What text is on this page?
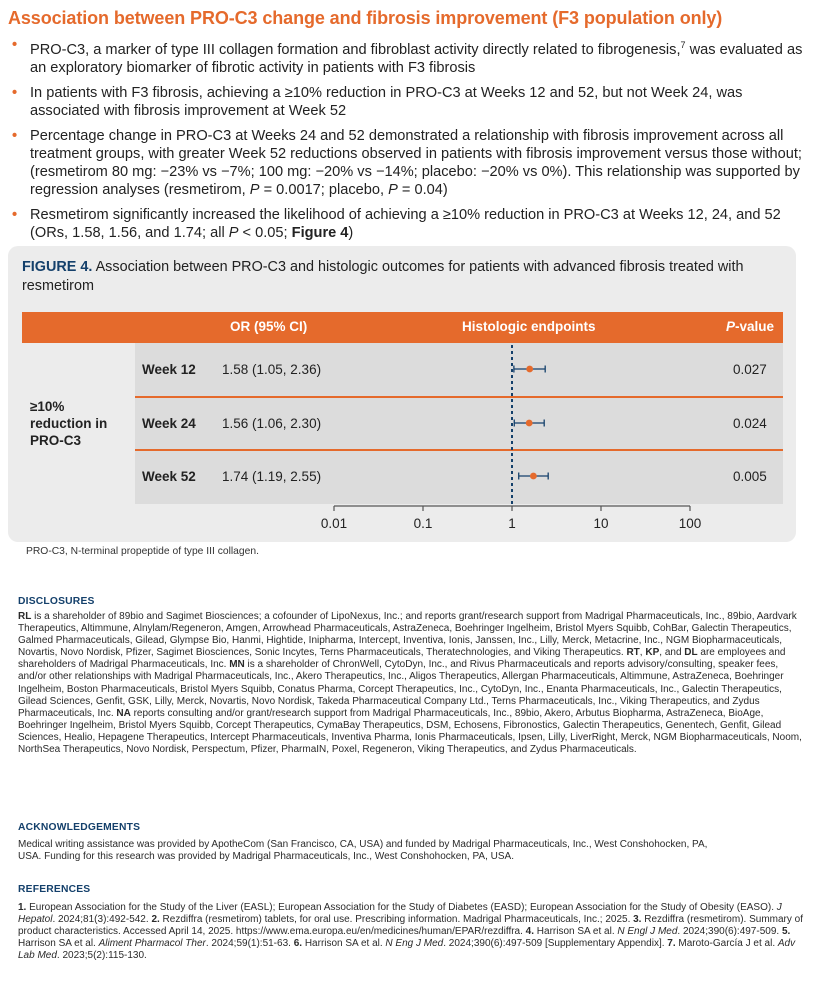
Association between PRO-C3 change and fibrosis improvement (F3 population only)
• PRO-C3, a marker of type III collagen formation and fibroblast activity directly related to fibrogenesis,$^7$ was evaluated as an exploratory biomarker of fibrotic activity in patients with F3 fibrosis
• In patients with F3 fibrosis, achieving a ≥10% reduction in PRO-C3 at Weeks 12 and 52, but not Week 24, was associated with fibrosis improvement at Week 52
• Percentage change in PRO-C3 at Weeks 24 and 52 demonstrated a relationship with fibrosis improvement across all treatment groups, with greater Week 52 reductions observed in patients with fibrosis improvement versus those without; (resmetirom 80 mg: −23% vs −7%; 100 mg: −20% vs −14%; placebo: −20% vs 0%). This relationship was supported by regression analyses (resmetirom, P = 0.0017; placebo, P = 0.04)
• Resmetirom significantly increased the likelihood of achieving a ≥10% reduction in PRO-C3 at Weeks 12, 24, and 52 (ORs, 1.58, 1.56, and 1.74; all P < 0.05; Figure 4)
FIGURE 4. Association between PRO-C3 and histologic outcomes for patients with advanced fibrosis treated with resmetirom
OR (95% CI)	Histologic endpoints	P-value
≥10%
reduction in
PRO-C3
Week 12 1.58 (1.05, 2.36)	0.027
Week 24 1.56 (1.06, 2.30)	0.024
Week 52 1.74 (1.19, 2.55)	0.005
0.01	0.1	1	10	100
PRO-C3, N-terminal propeptide of type III collagen.
DISCLOSURES
RL is a shareholder of 89bio and Sagimet Biosciences; a cofounder of LipoNexus, Inc.; and reports grant/research support from Madrigal Pharmaceuticals, Inc., 89bio, Aardvark Therapeutics, Altimmune, Alnylam/Regeneron, Amgen, Arrowhead Pharmaceuticals, AstraZeneca, Boehringer Ingelheim, Bristol Myers Squibb, CohBar, Galectin Therapeutics, Galmed Pharmaceuticals, Gilead, Glympse Bio, Hanmi, Hightide, Inipharma, Intercept, Inventiva, Ionis, Janssen, Inc., Lilly, Merck, Metacrine, Inc., NGM Biopharmaceuticals, Novartis, Novo Nordisk, Pfizer, Sagimet Biosciences, Sonic Incytes, Terns Pharmaceuticals, Theratechnologies, and Viking Therapeutics. RT, KP, and DL are employees and shareholders of Madrigal Pharmaceuticals, Inc. MN is a shareholder of ChronWell, CytoDyn, Inc., and Rivus Pharmaceuticals and reports advisory/consulting, speaker fees, and/or other relationships with Madrigal Pharmaceuticals, Inc., Akero Therapeutics, Inc., Aligos Therapeutics, Allergan Pharmaceuticals, Altimmune, AstraZeneca, Boehringer Ingelheim, Boston Pharmaceuticals, Bristol Myers Squibb, Conatus Pharma, Corcept Therapeutics, Inc., CytoDyn, Inc., Enanta Pharmaceuticals, Inc., Galectin Therapeutics, Gilead Sciences, Genfit, GSK, Lilly, Merck, Novartis, Novo Nordisk, Takeda Pharmaceutical Company Ltd., Terns Pharmaceuticals, Inc., Viking Therapeutics, and Zydus Pharmaceuticals, Inc. NA reports consulting and/or grant/research support from Madrigal Pharmaceuticals, Inc., 89bio, Akero, Arbutus Biopharma, AstraZeneca, BioAge, Boehringer Ingelheim, Bristol Myers Squibb, Corcept Therapeutics, CymaBay Therapeutics, DSM, Echosens, Fibronostics, Galectin Therapeutics, Genentech, Genfit, Gilead Sciences, Healio, Hepagene Therapeutics, Intercept Pharmaceuticals, Inventiva Pharma, Ionis Pharmaceuticals, Ipsen, Lilly, LiverRight, Merck, NGM Biopharmaceuticals, Noom, NorthSea Therapeutics, Novo Nordisk, Perspectum, Pfizer, PharmaIN, Poxel, Regeneron, Viking Therapeutics, and Zydus Pharmaceuticals.
ACKNOWLEDGEMENTS
Medical writing assistance was provided by ApotheCom (San Francisco, CA, USA) and funded by Madrigal Pharmaceuticals, Inc., West Conshohocken, PA, USA. Funding for this research was provided by Madrigal Pharmaceuticals, Inc., West Conshohocken, PA, USA.
REFERENCES
1. European Association for the Study of the Liver (EASL); European Association for the Study of Diabetes (EASD); European Association for the Study of Obesity (EASO). J Hepatol. 2024;81(3):492-542. 2. Rezdiffra (resmetirom) tablets, for oral use. Prescribing information. Madrigal Pharmaceuticals, Inc.; 2025. 3. Rezdiffra (resmetirom). Summary of product characteristics. Accessed April 14, 2025. https://www.ema.europa.eu/en/medicines/human/EPAR/rezdiffra. 4. Harrison SA et al. N Engl J Med. 2024;390(6):497-509. 5. Harrison SA et al. Aliment Pharmacol Ther. 2024;59(1):51-63. 6. Harrison SA et al. N Eng J Med. 2024;390(6):497-509 [Supplementary Appendix]. 7. Maroto-García J et al. Adv Lab Med. 2023;5(2):115-130.
